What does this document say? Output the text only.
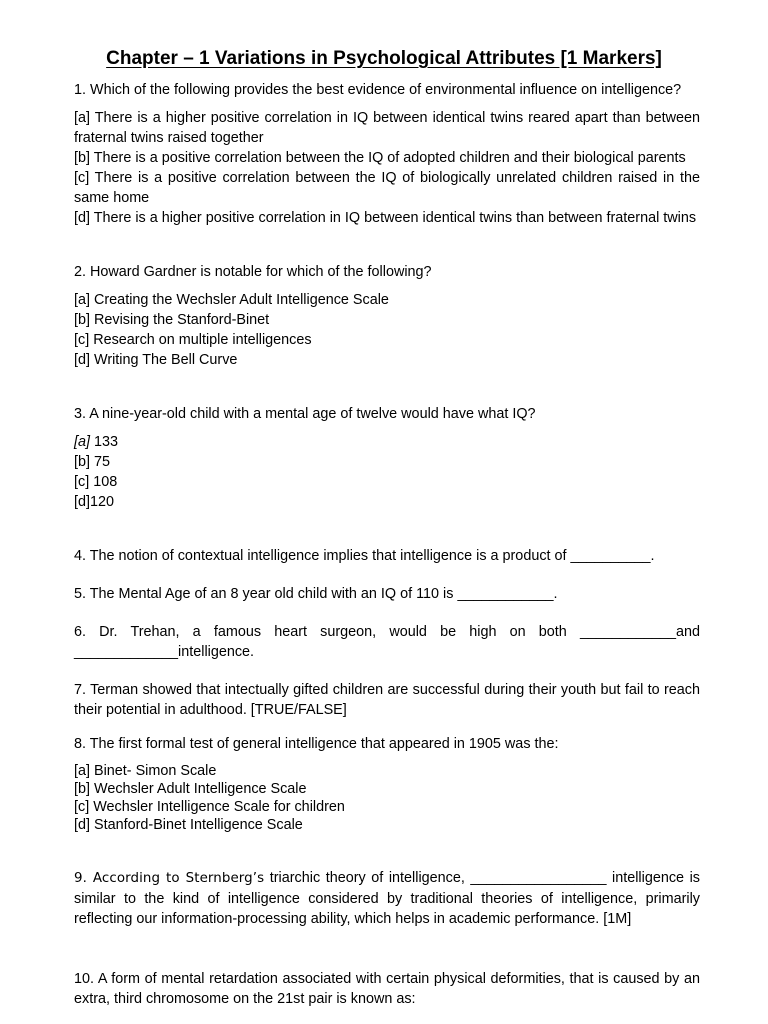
Chapter – 1 Variations in Psychological Attributes [1 Markers]

1. Which of the following provides the best evidence of environmental influence on intelligence?

[a] There is a higher positive correlation in IQ between identical twins reared apart than between fraternal twins raised together

[b] There is a positive correlation between the IQ of adopted children and their biological parents

[c] There is a positive correlation between the IQ of biologically unrelated children raised in the same home

[d] There is a higher positive correlation in IQ between identical twins than between fraternal twins

2. Howard Gardner is notable for which of the following?

[a] Creating the Wechsler Adult Intelligence Scale

[b] Revising the Stanford-Binet

[c] Research on multiple intelligences

[d] Writing The Bell Curve

3. A nine-year-old child with a mental age of twelve would have what IQ?

[a] 133

[b] 75

[c] 108

[d]120

4. The notion of contextual intelligence implies that intelligence is a product of __________.

5. The Mental Age of an 8 year old child with an IQ of 110 is ____________.

6. Dr. Trehan, a famous heart surgeon, would be high on both ____________and _____________intelligence.

7. Terman showed that intectually gifted children are successful during their youth but fail to reach their potential in adulthood. [TRUE/FALSE]

8. The first formal test of general intelligence that appeared in 1905 was the:

[a] Binet- Simon Scale

[b] Wechsler Adult Intelligence Scale

[c] Wechsler Intelligence Scale for children

[d] Stanford-Binet Intelligence Scale

9. According to Sternberg’s triarchic theory of intelligence, _________________ intelligence is similar to the kind of intelligence considered by traditional theories of intelligence, primarily reflecting our information-processing ability, which helps in academic performance. [1M]

10. A form of mental retardation associated with certain physical deformities, that is caused by an extra, third chromosome on the 21st pair is known as:
